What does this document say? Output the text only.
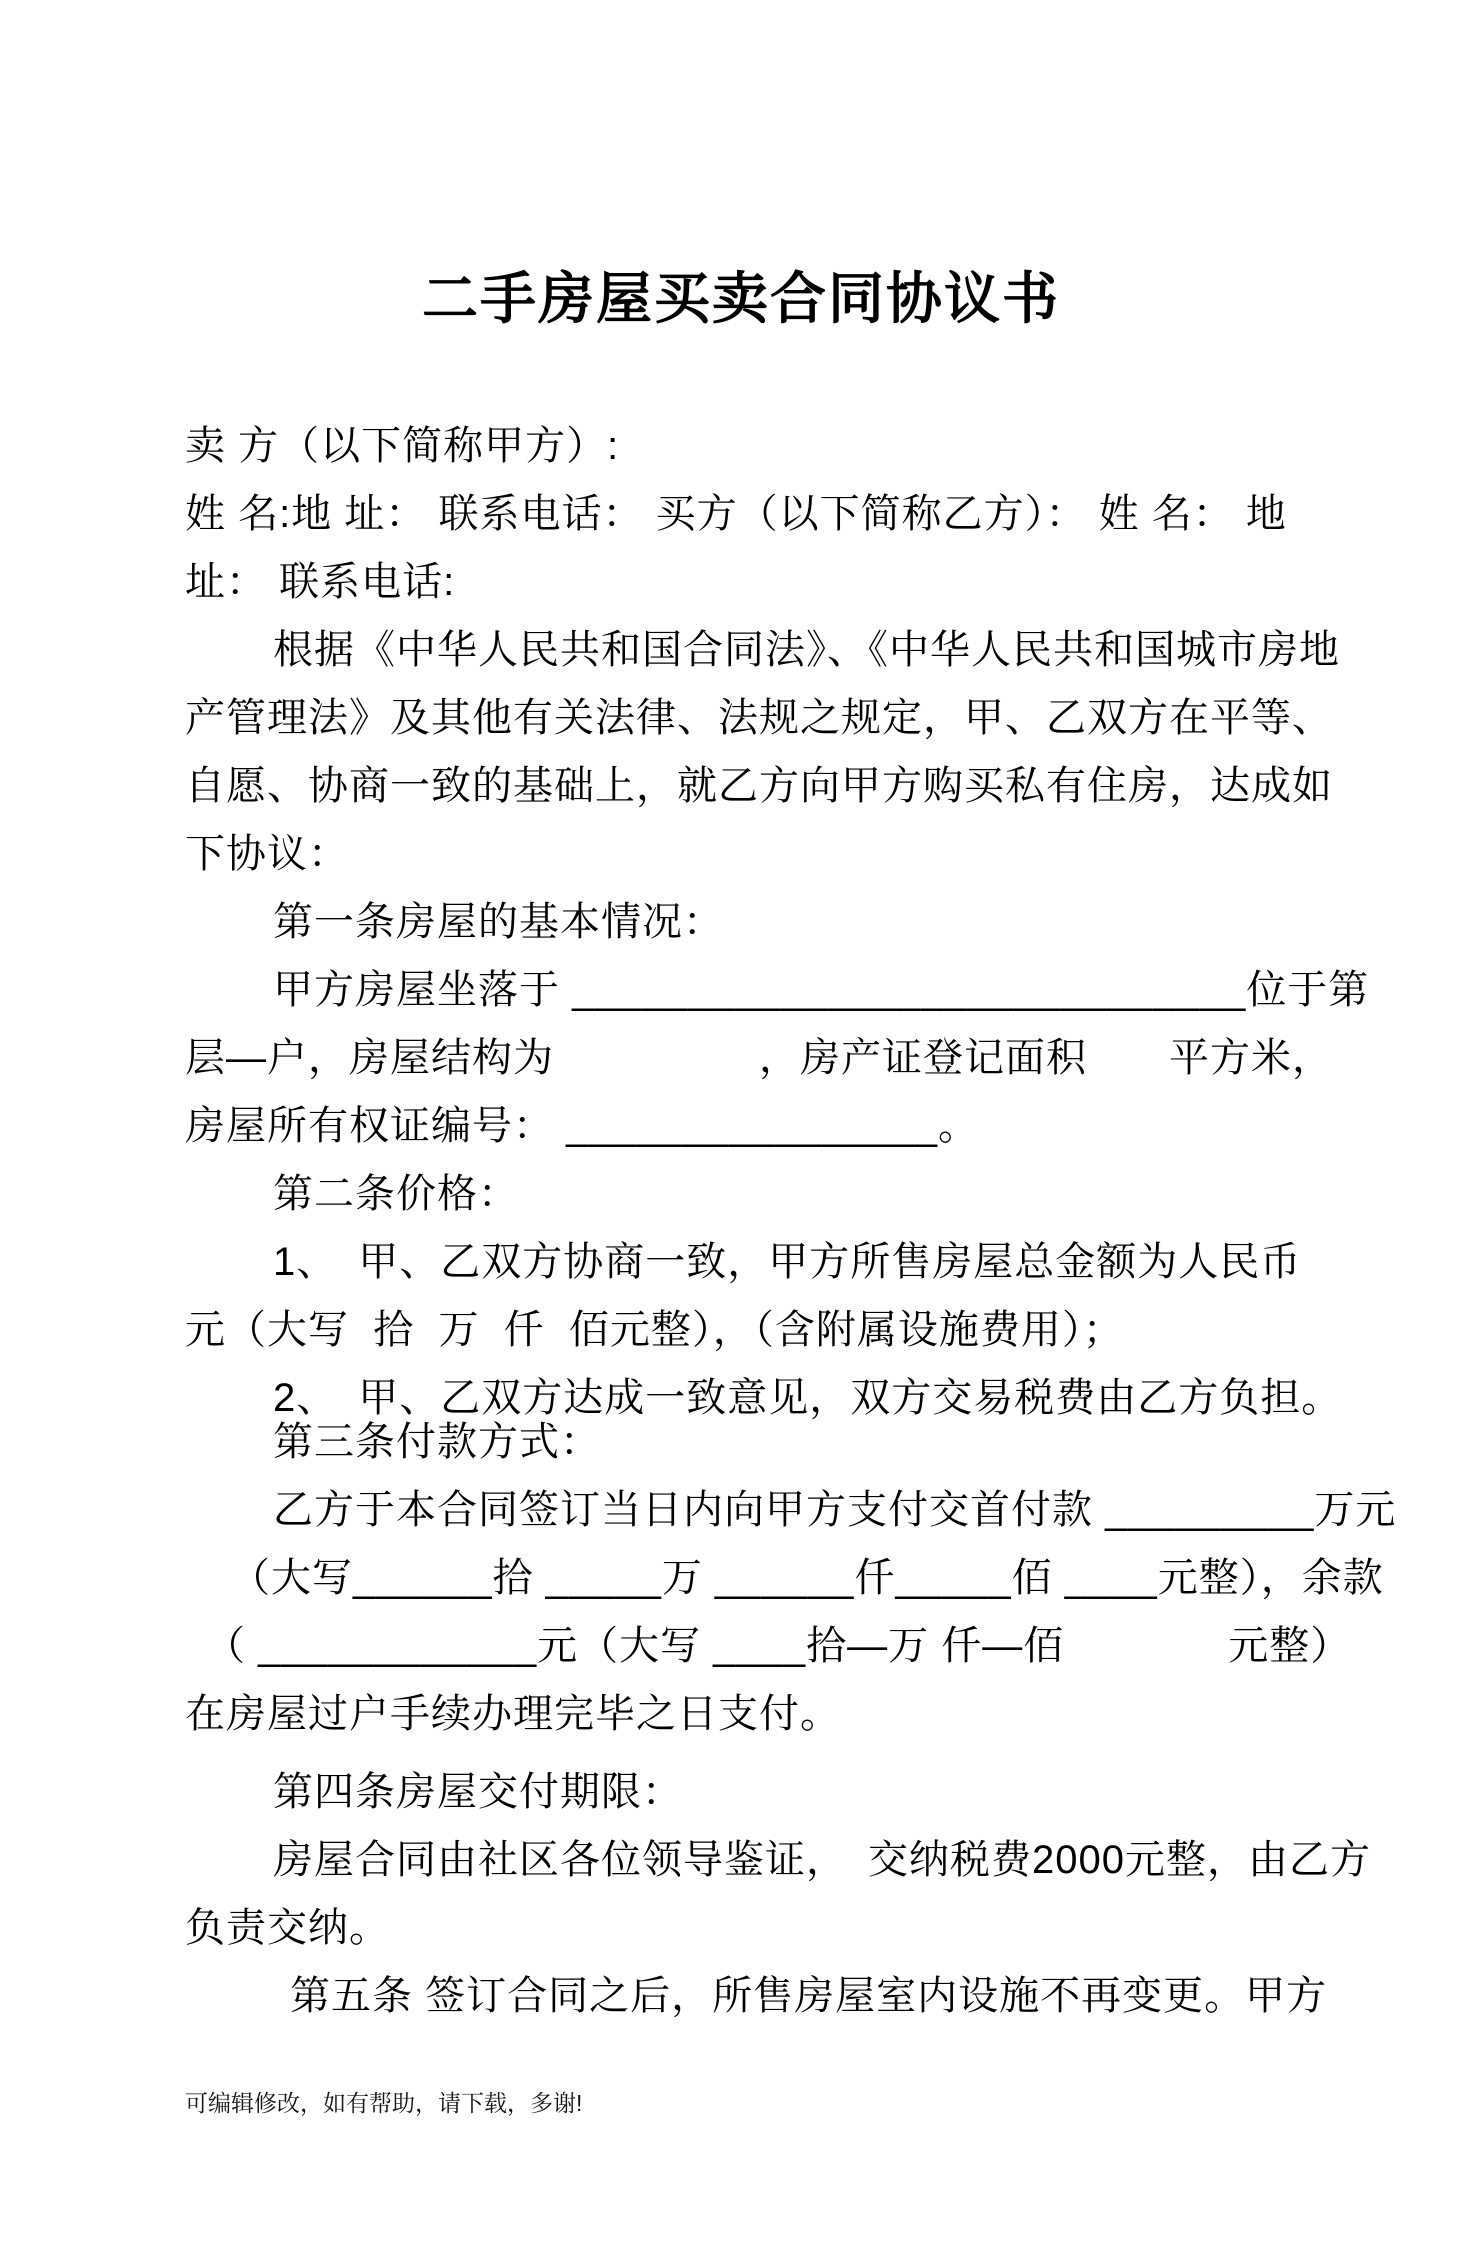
二手房屋买卖合同协议书
卖 方（以下简称甲方）:
姓 名:地 址： 联系电话： 买方（以下简称乙方）： 姓 名： 地
址： 联系电话:
根据《中华人民共和国合同法》、《中华人民共和国城市房地
产管理法》及其他有关法律、法规之规定，甲、乙双方在平等、
自愿、协商一致的基础上，就乙方向甲方购买私有住房，达成如
下协议：
第一条房屋的基本情况：
甲方房屋坐落于 _____________________________位于第
层—户，房屋结构为　　　　　，房产证登记面积　　平方米，
房屋所有权证编号： ________________。
第二条价格：
1、　甲、乙双方协商一致，甲方所售房屋总金额为人民币
元（大写  拾  万  仟  佰元整），（含附属设施费用）；
2、　甲、乙双方达成一致意见，双方交易税费由乙方负担。
第三条付款方式：
乙方于本合同签订当日内向甲方支付交首付款 _________万元
（大写______拾 _____万 ______仟_____佰 ____元整），余款
（ ____________元（大写 ____拾—万 仟—佰　　　　元整）
在房屋过户手续办理完毕之日支付。
第四条房屋交付期限：
房屋合同由社区各位领导鉴证，　交纳税费2000元整，由乙方
负责交纳。
第五条 签订合同之后，所售房屋室内设施不再变更。甲方
可编辑修改，如有帮助，请下载，多谢!
